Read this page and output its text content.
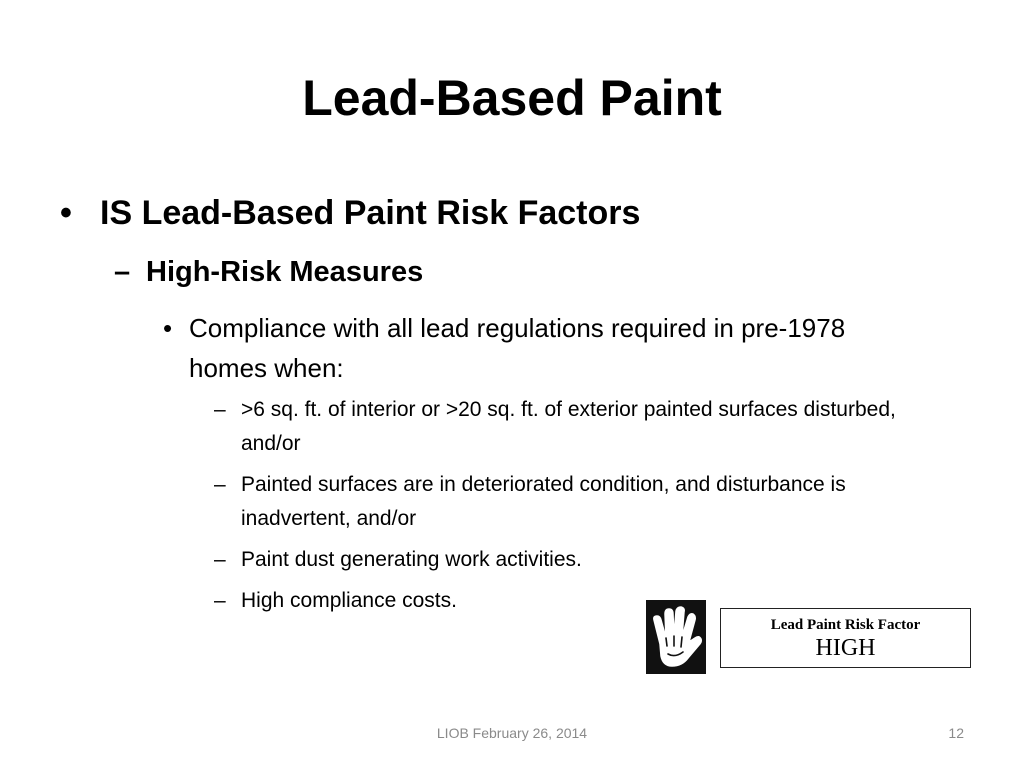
Lead-Based Paint
• IS Lead-Based Paint Risk Factors
– High-Risk Measures
• Compliance with all lead regulations required in pre-1978 homes when:
– >6 sq. ft. of interior or >20 sq. ft. of exterior painted surfaces disturbed, and/or
– Painted surfaces are in deteriorated condition, and disturbance is inadvertent, and/or
– Paint dust generating work activities.
– High compliance costs.
Lead Paint Risk Factor
HIGH
LIOB February 26, 2014	12
